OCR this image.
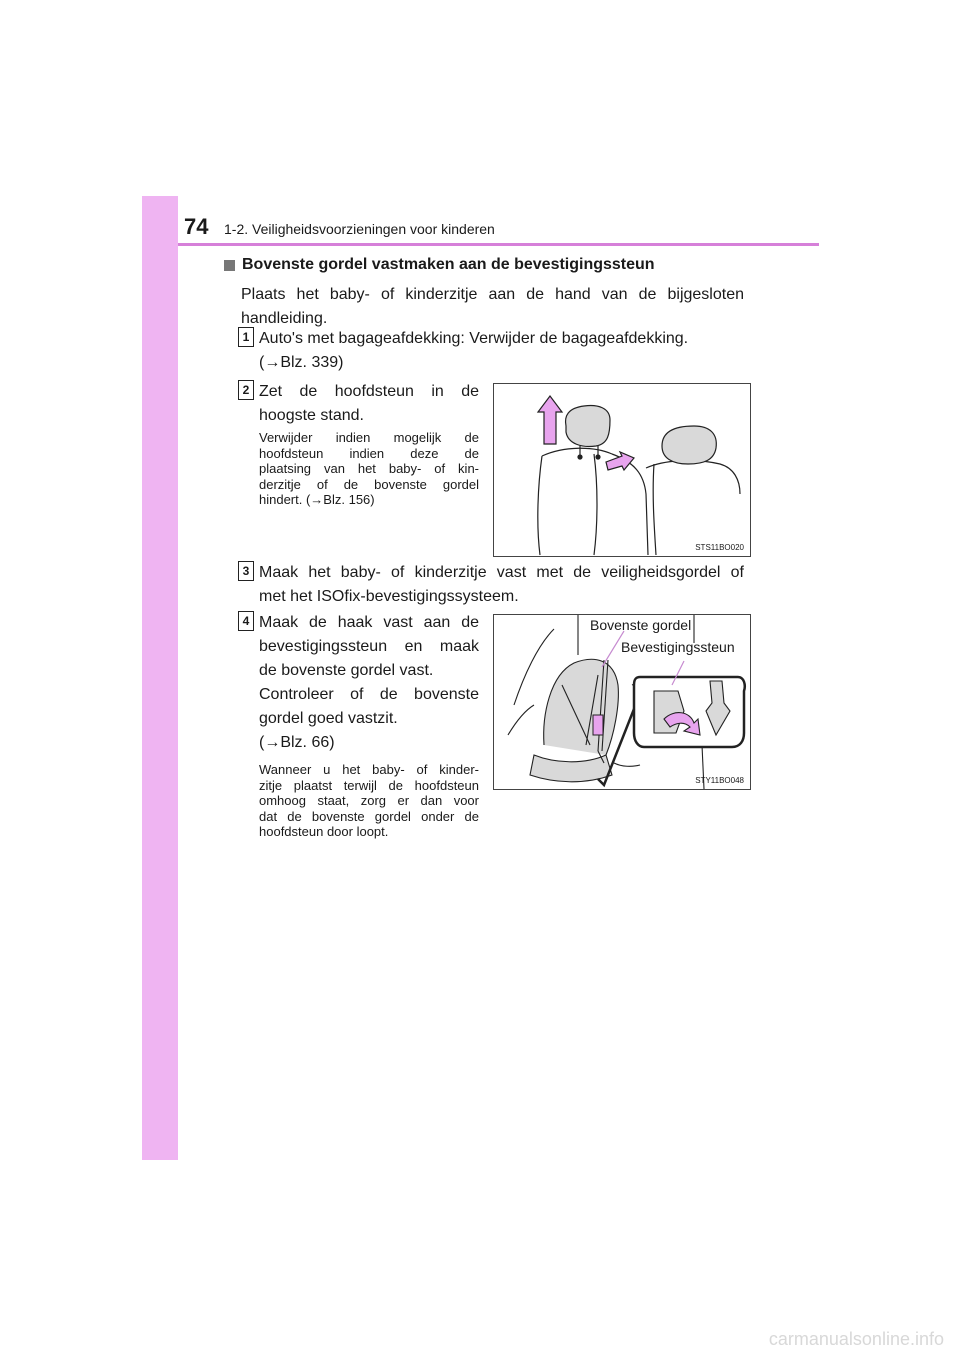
74 1-2. Veiligheidsvoorzieningen voor kinderen
Bovenste gordel vastmaken aan de bevestigingssteun
Plaats het baby- of kinderzitje aan de hand van de bijgesloten
handleiding.
1 Auto's met bagageafdekking: Verwijder de bagageafdekking.
(→Blz. 339)
2 Zet de hoofdsteun in de
hoogste stand.
Verwijder indien mogelijk de
hoofdsteun indien deze de
plaatsing van het baby- of kin-
derzitje of de bovenste gordel
hindert. (→Blz. 156)
STS11BO020
3 Maak het baby- of kinderzitje vast met de veiligheidsgordel of
met het ISOfix-bevestigingssysteem.
4 Maak de haak vast aan de
bevestigingssteun en maak
de bovenste gordel vast.
Controleer of de bovenste
gordel goed vastzit.
(→Blz. 66)
Wanneer u het baby- of kinder-
zitje plaatst terwijl de hoofdsteun
omhoog staat, zorg er dan voor
dat de bovenste gordel onder de
hoofdsteun door loopt.
Bovenste gordel
Bevestigingssteun
STY11BO048
carmanualsonline.info
